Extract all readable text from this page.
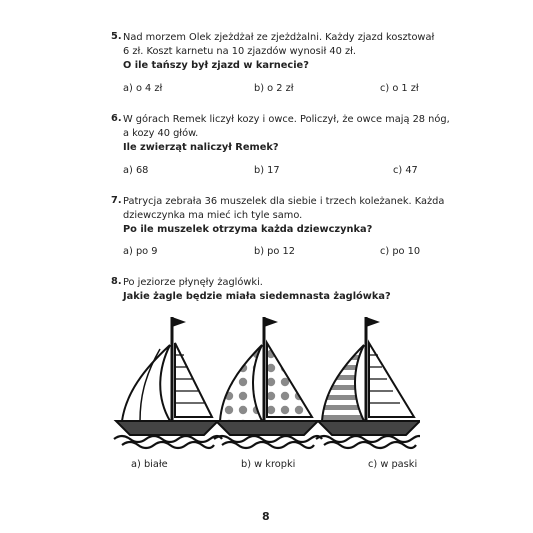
5. Nad morzem Olek zjeżdżał ze zjeżdżalni. Każdy zjazd kosztował
6 zł. Koszt karnetu na 10 zjazdów wynosił 40 zł.
O ile tańszy był zjazd w karnecie?
a) o 4 zł	b) o 2 zł	c) o 1 zł
6. W górach Remek liczył kozy i owce. Policzył, że owce mają 28 nóg,
a kozy 40 głów.
Ile zwierząt naliczył Remek?
a) 68	b) 17	c) 47
7. Patrycja zebrała 36 muszelek dla siebie i trzech koleżanek. Każda
dziewczynka ma mieć ich tyle samo.
Po ile muszelek otrzyma każda dziewczynka?
a) po 9	b) po 12	c) po 10
8. Po jeziorze płynęły żaglówki.
Jakie żagle będzie miała siedemnasta żaglówka?
a) białe	b) w kropki	c) w paski
8
